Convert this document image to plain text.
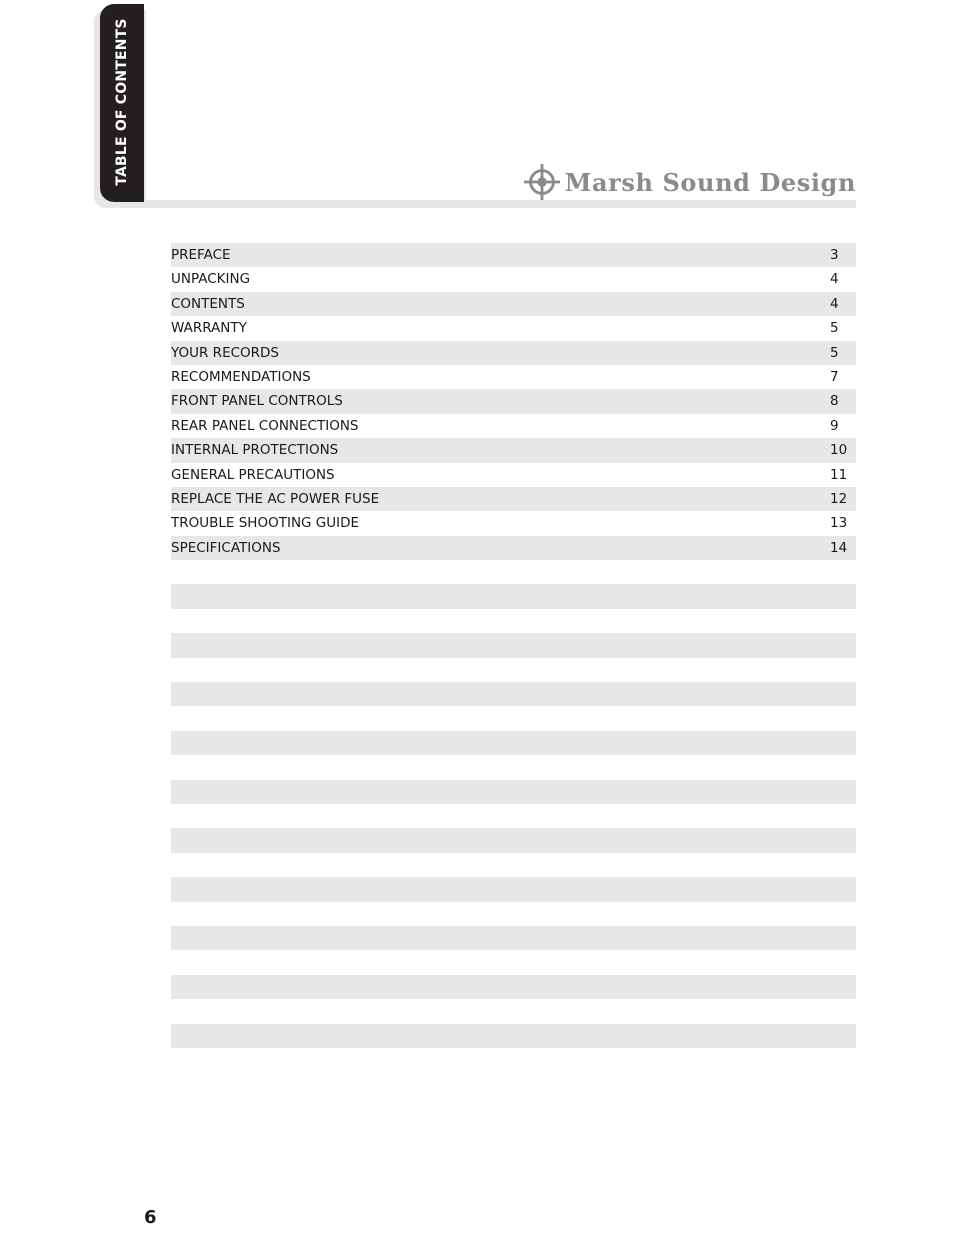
TABLE OF CONTENTS	Marsh Sound Design
PREFACE	3
UNPACKING	4
CONTENTS	4
WARRANTY	5
YOUR RECORDS	5
RECOMMENDATIONS	7
FRONT PANEL CONTROLS	8
REAR PANEL CONNECTIONS	9
INTERNAL PROTECTIONS	10
GENERAL PRECAUTIONS	11
REPLACE THE AC POWER FUSE	12
TROUBLE SHOOTING GUIDE	13
SPECIFICATIONS	14
6
